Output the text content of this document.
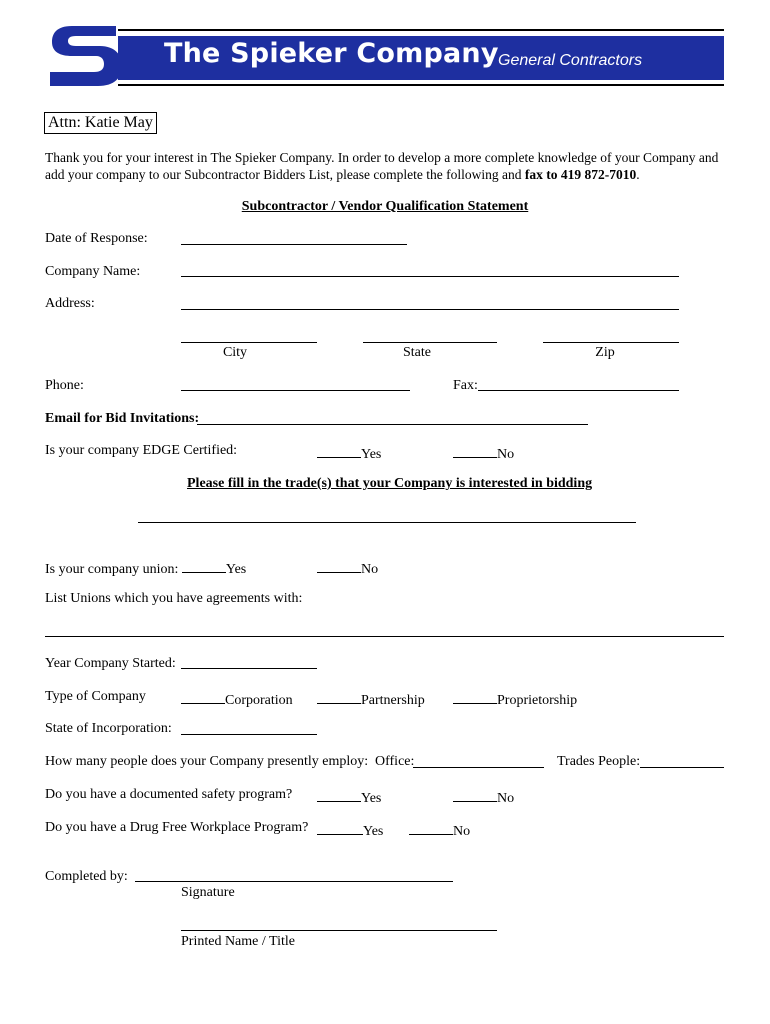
The Spieker Company General Contractors
Attn: Katie May
Thank you for your interest in The Spieker Company. In order to develop a more complete knowledge of your Company and add your company to our Subcontractor Bidders List, please complete the following and fax to 419 872-7010.
Subcontractor / Vendor Qualification Statement
Date of Response:
Company Name:
Address:
City	State	Zip
Phone:	Fax:
Email for Bid Invitations:
Is your company EDGE Certified:	Yes	No
Please fill in the trade(s) that your Company is interested in bidding
Is your company union:	Yes	No
List Unions which you have agreements with:
Year Company Started:
Type of Company	Corporation	Partnership	Proprietorship
State of Incorporation:
How many people does your Company presently employ: Office:	Trades People:
Do you have a documented safety program?	Yes	No
Do you have a Drug Free Workplace Program?	Yes	No
Completed by:
Signature
Printed Name / Title
